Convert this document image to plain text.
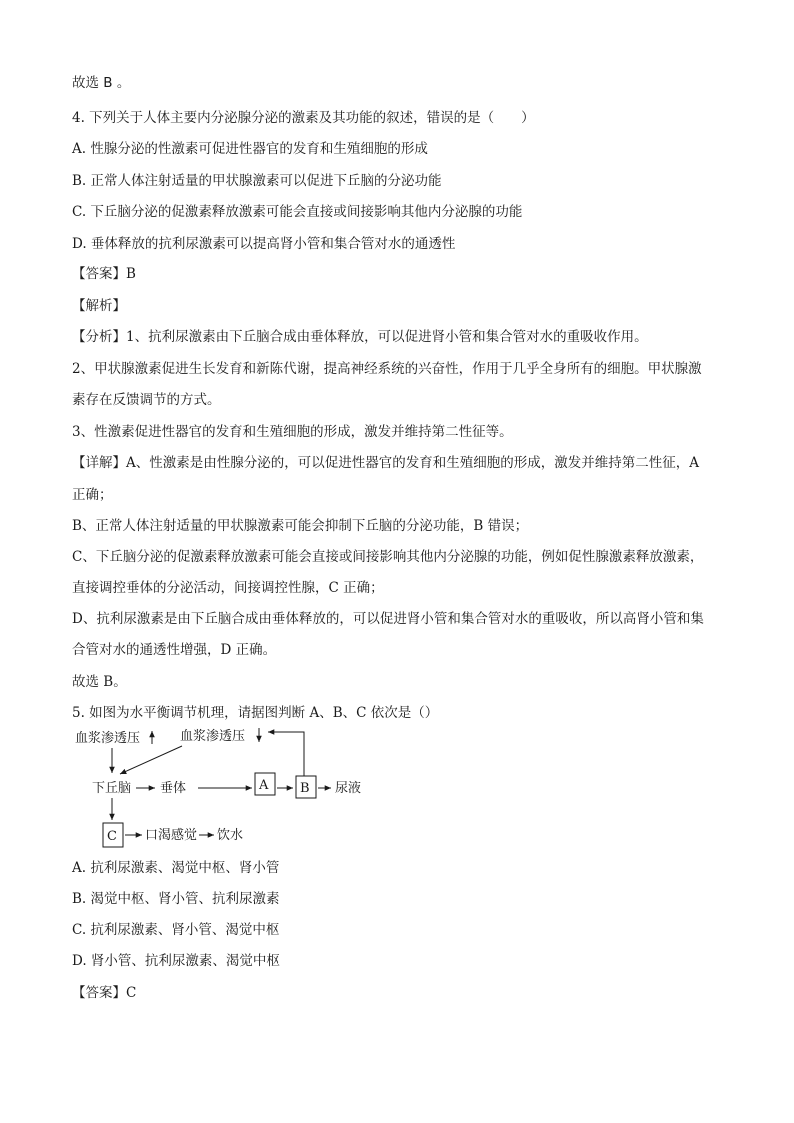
故选 B 。
4. 下列关于人体主要内分泌腺分泌的激素及其功能的叙述，错误的是（　　）
A. 性腺分泌的性激素可促进性器官的发育和生殖细胞的形成
B. 正常人体注射适量的甲状腺激素可以促进下丘脑的分泌功能
C. 下丘脑分泌的促激素释放激素可能会直接或间接影响其他内分泌腺的功能
D. 垂体释放的抗利尿激素可以提高肾小管和集合管对水的通透性
【答案】B
【解析】
【分析】1、抗利尿激素由下丘脑合成由垂体释放，可以促进肾小管和集合管对水的重吸收作用。
2、甲状腺激素促进生长发育和新陈代谢，提高神经系统的兴奋性，作用于几乎全身所有的细胞。甲状腺激
素存在反馈调节的方式。
3、性激素促进性器官的发育和生殖细胞的形成，激发并维持第二性征等。
【详解】A、性激素是由性腺分泌的，可以促进性器官的发育和生殖细胞的形成，激发并维持第二性征，A
正确；
B、正常人体注射适量的甲状腺激素可能会抑制下丘脑的分泌功能，B 错误；
C、下丘脑分泌的促激素释放激素可能会直接或间接影响其他内分泌腺的功能，例如促性腺激素释放激素，
直接调控垂体的分泌活动，间接调控性腺，C 正确；
D、抗利尿激素是由下丘脑合成由垂体释放的，可以促进肾小管和集合管对水的重吸收，所以高肾小管和集
合管对水的通透性增强，D 正确。
故选 B。
5. 如图为水平衡调节机理，请据图判断 A、B、C 依次是（）
血浆渗透压	血浆渗透压
下丘脑 垂体	A B 尿液
C 口渴感觉 饮水
A. 抗利尿激素、渴觉中枢、肾小管
B. 渴觉中枢、肾小管、抗利尿激素
C. 抗利尿激素、肾小管、渴觉中枢
D. 肾小管、抗利尿激素、渴觉中枢
【答案】C
